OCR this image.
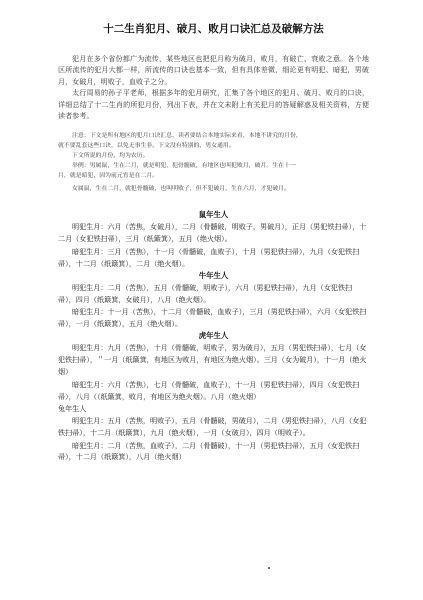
十二生肖犯月、破月、败月口诀汇总及破解方法

犯月在多个省份都广为流传，某些地区也把犯月称为破月，败月，有破亡、衰败之意。各个地区所流传的犯月大都一样，所流传的口诀也基本一致，但有具体差微，细论更有明犯、暗犯，男破月，女破月，明败子，血败子之分。

太行周易的孙子平老师，根据多年的犯月研究，汇集了各个地区的犯月、破月、败月的口诀，详细总结了十二生肖的所犯月份，列出下表，并在文末附上有关犯月的答疑解惑及相关资料，方便读者参考。

注意：下文是所有地区的犯月口诀汇总，读者要结合本地实际来看，本地不讲究的月份，

就不要乱套这些口诀，以免无事生非。下文没有特别的，男女通用。

下文所说的月份，均为农历。

举例：男属鼠，生在二月，就是明犯，犯骨髓破，有地区也叫犯败月，破月。生在十一

月，就是暗犯，因为前元宵是在二月。

女属鼠，生在二月，就犯骨髓破，也叫明败子，但不犯破月，生在六月，才犯破月。

鼠年生人

明犯生月：六月（苦焦，女破月），二月（骨髓破，明败子，男破月），正月（男犯铁扫帚），十二月（女犯铁扫帚），三月（纸簸箕），五月（绝火烟）。

暗犯生月：三月（苦焦），十一月（骨髓破，血败子），十月（男犯铁扫帚），九月（女犯铁扫帚），十二月（纸簸箕），二月（绝火烟）。

牛年生人

明犯生月：二月（苦焦），五月（骨髓破，明败子），六月（男犯铁扫帚），九月（女犯铁扫帚），四月（纸簸箕，女破月），八月（绝火烟）。

暗犯生月：十一月（苦焦），十二月（骨髓破，血败子），三月（男犯铁扫帚），六月（女犯铁扫帚），一月（纸簸箕），五月（绝火烟）。

虎年生人

明犯生月：九月（苦焦），十月（骨髓破，明败子，男为破月），五月（男犯铁扫帚），七月（女犯铁扫帚），＂一月（纸簸箕，有地区为败月，有地区为绝火烟）。三月（女为破月），十一月（绝火烟）

暗犯生月：六月（苦焦），七月（骨髓破，血败子），十一月（男犯铁扫帚），四月（女犯铁扫帚），八月（（纸簸箕，败月，有地区为绝火烟）。八月（绝火烟）

兔年生人

明犯生月：五月（苦焦，明败子），五月（骨髓破，男破月），二月（男犯铁扫帚），八月（女犯铁扫帚），十二月（纸簸箕），九月（绝火烟），一月（女破月），四月（明败子）。

暗犯生月：二月（苦焦，血败子），二月（骨髓破），十一月（男犯铁扫帚），五月（女犯铁扫帚），十二月（纸簸箕），八月（绝火烟）
